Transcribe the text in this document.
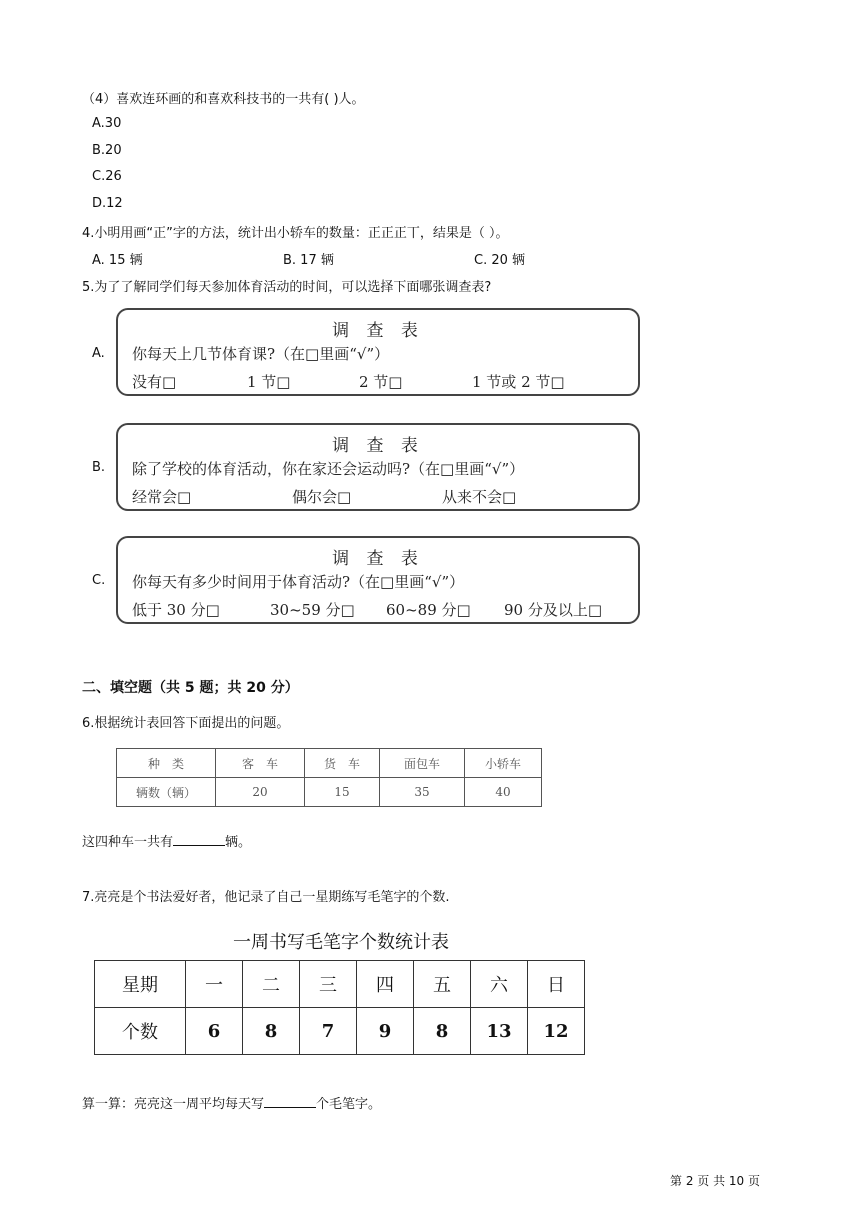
（4）喜欢连环画的和喜欢科技书的一共有( )人。
A.30
B.20
C.26
D.12
4.小明用画“正”字的方法，统计出小轿车的数量：正正正丅，结果是（ ）。
A. 15 辆	B. 17 辆	C. 20 辆
5.为了了解同学们每天参加体育活动的时间，可以选择下面哪张调查表?
A.
调 查 表
你每天上几节体育课?（在□里画“√”）
没有□	1 节□	2 节□	1 节或 2 节□
B.
调 查 表
除了学校的体育活动，你在家还会运动吗?（在□里画“√”）
经常会□	偶尔会□	从来不会□
C.
调 查 表
你每天有多少时间用于体育活动?（在□里画“√”）
低于 30 分□	30~59 分□	60~89 分□	90 分及以上□
二、填空题（共 5 题；共 20 分）
6.根据统计表回答下面提出的问题。
种　类	客　车	货　车	面包车	小轿车
辆数（辆）	20	15	35	40
这四种车一共有	辆。
7.亮亮是个书法爱好者，他记录了自己一星期练写毛笔字的个数.
一周书写毛笔字个数统计表
星期	一	二	三	四	五	六	日
个数	6	8	7	9	8	13	12
算一算：亮亮这一周平均每天写	个毛笔字。
第 2 页 共 10 页
